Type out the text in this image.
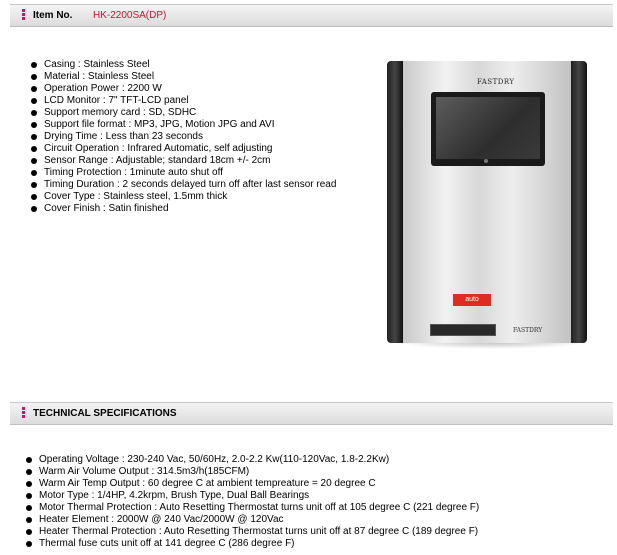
Item No. HK-2200SA(DP)
Casing : Stainless Steel
Material : Stainless Steel
Operation Power : 2200 W
LCD Monitor : 7" TFT-LCD panel
Support memory card : SD, SDHC
Support file format : MP3, JPG, Motion JPG and AVI
Drying Time : Less than 23 seconds
Circuit Operation : Infrared Automatic, self adjusting
Sensor Range : Adjustable; standard 18cm +/- 2cm
Timing Protection : 1minute auto shut off
Timing Duration : 2 seconds delayed turn off after last sensor read
Cover Type : Stainless steel, 1.5mm thick
Cover Finish : Satin finished
FASTDRY
auto
FASTDRY
TECHNICAL SPECIFICATIONS
Operating Voltage : 230-240 Vac, 50/60Hz, 2.0-2.2 Kw(110-120Vac, 1.8-2.2Kw)
Warm Air Volume Output : 314.5m3/h(185CFM)
Warm Air Temp Output : 60 degree C at ambient tempreature = 20 degree C
Motor Type : 1/4HP, 4.2krpm, Brush Type, Dual Ball Bearings
Motor Thermal Protection : Auto Resetting Thermostat turns unit off at 105 degree C (221 degree F)
Heater Element : 2000W @ 240 Vac/2000W @ 120Vac
Heater Thermal Protection : Auto Resetting Thermostat turns unit off at 87 degree C (189 degree F)
Thermal fuse cuts unit off at 141 degree C (286 degree F)
